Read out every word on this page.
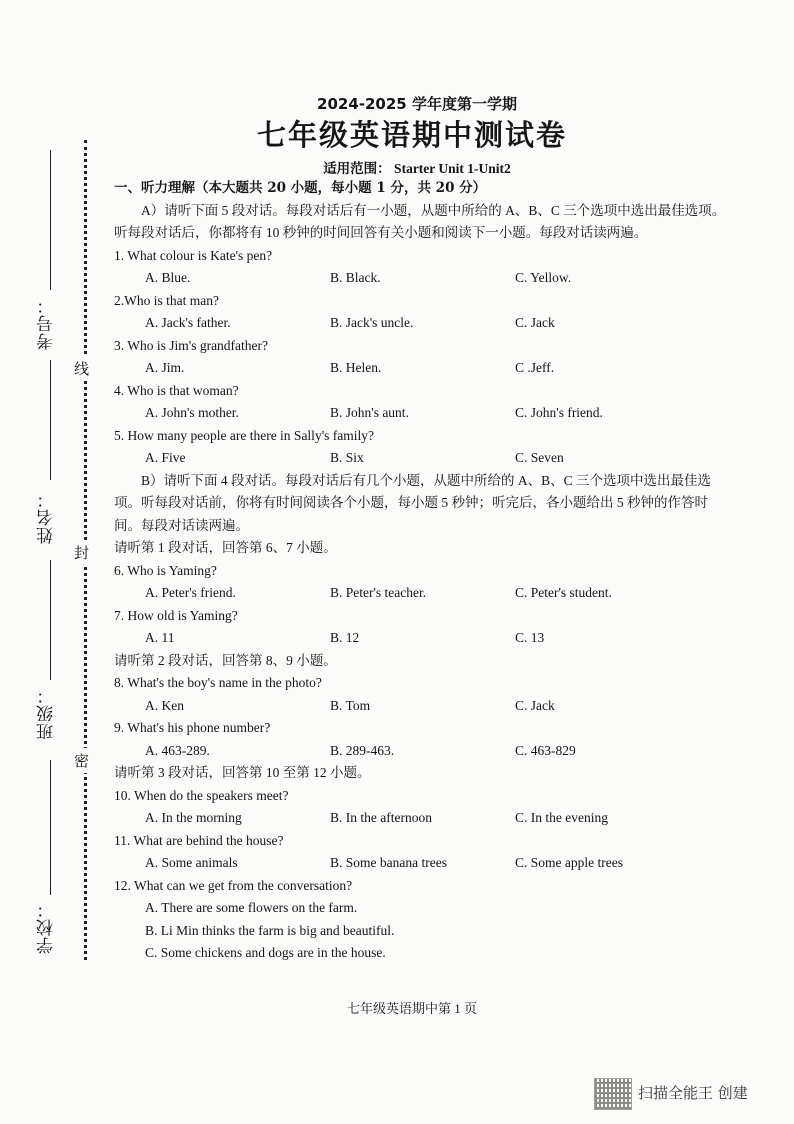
考号：
姓名：
班级：
学校：
线
封
密
2024-2025 学年度第一学期
七年级英语期中测试卷
适用范围： Starter Unit 1-Unit2
一、听力理解（本大题共 20 小题，每小题 1 分，共 20 分）
A）请听下面 5 段对话。每段对话后有一小题，从题中所给的 A、B、C 三个选项中选出最佳选项。听每段对话后，你都将有 10 秒钟的时间回答有关小题和阅读下一小题。每段对话读两遍。
1. What colour is Kate's pen?
A. Blue.	B. Black.	C. Yellow.
2.Who is that man?
A. Jack's father.	B. Jack's uncle.	C. Jack
3. Who is Jim's grandfather?
A. Jim.	B. Helen.	C .Jeff.
4. Who is that woman?
A. John's mother.	B. John's aunt.	C. John's friend.
5. How many people are there in Sally's family?
A. Five	B. Six	C. Seven
B）请听下面 4 段对话。每段对话后有几个小题，从题中所给的 A、B、C 三个选项中选出最佳选项。听每段对话前，你将有时间阅读各个小题，每小题 5 秒钟；听完后，各小题给出 5 秒钟的作答时间。每段对话读两遍。
请听第 1 段对话，回答第 6、7 小题。
6. Who is Yaming?
A. Peter's friend.	B. Peter's teacher.	C. Peter's student.
7. How old is Yaming?
A. 11	B. 12	C. 13
请听第 2 段对话，回答第 8、9 小题。
8. What's the boy's name in the photo?
A. Ken	B. Tom	C. Jack
9. What's his phone number?
A. 463-289.	B. 289-463.	C. 463-829
请听第 3 段对话，回答第 10 至第 12 小题。
10. When do the speakers meet?
A. In the morning	B. In the afternoon	C. In the evening
11. What are behind the house?
A. Some animals	B. Some banana trees	C. Some apple trees
12. What can we get from the conversation?
A. There are some flowers on the farm.
B. Li Min thinks the farm is big and beautiful.
C. Some chickens and dogs are in the house.
七年级英语期中第 1 页
扫描全能王 创建
